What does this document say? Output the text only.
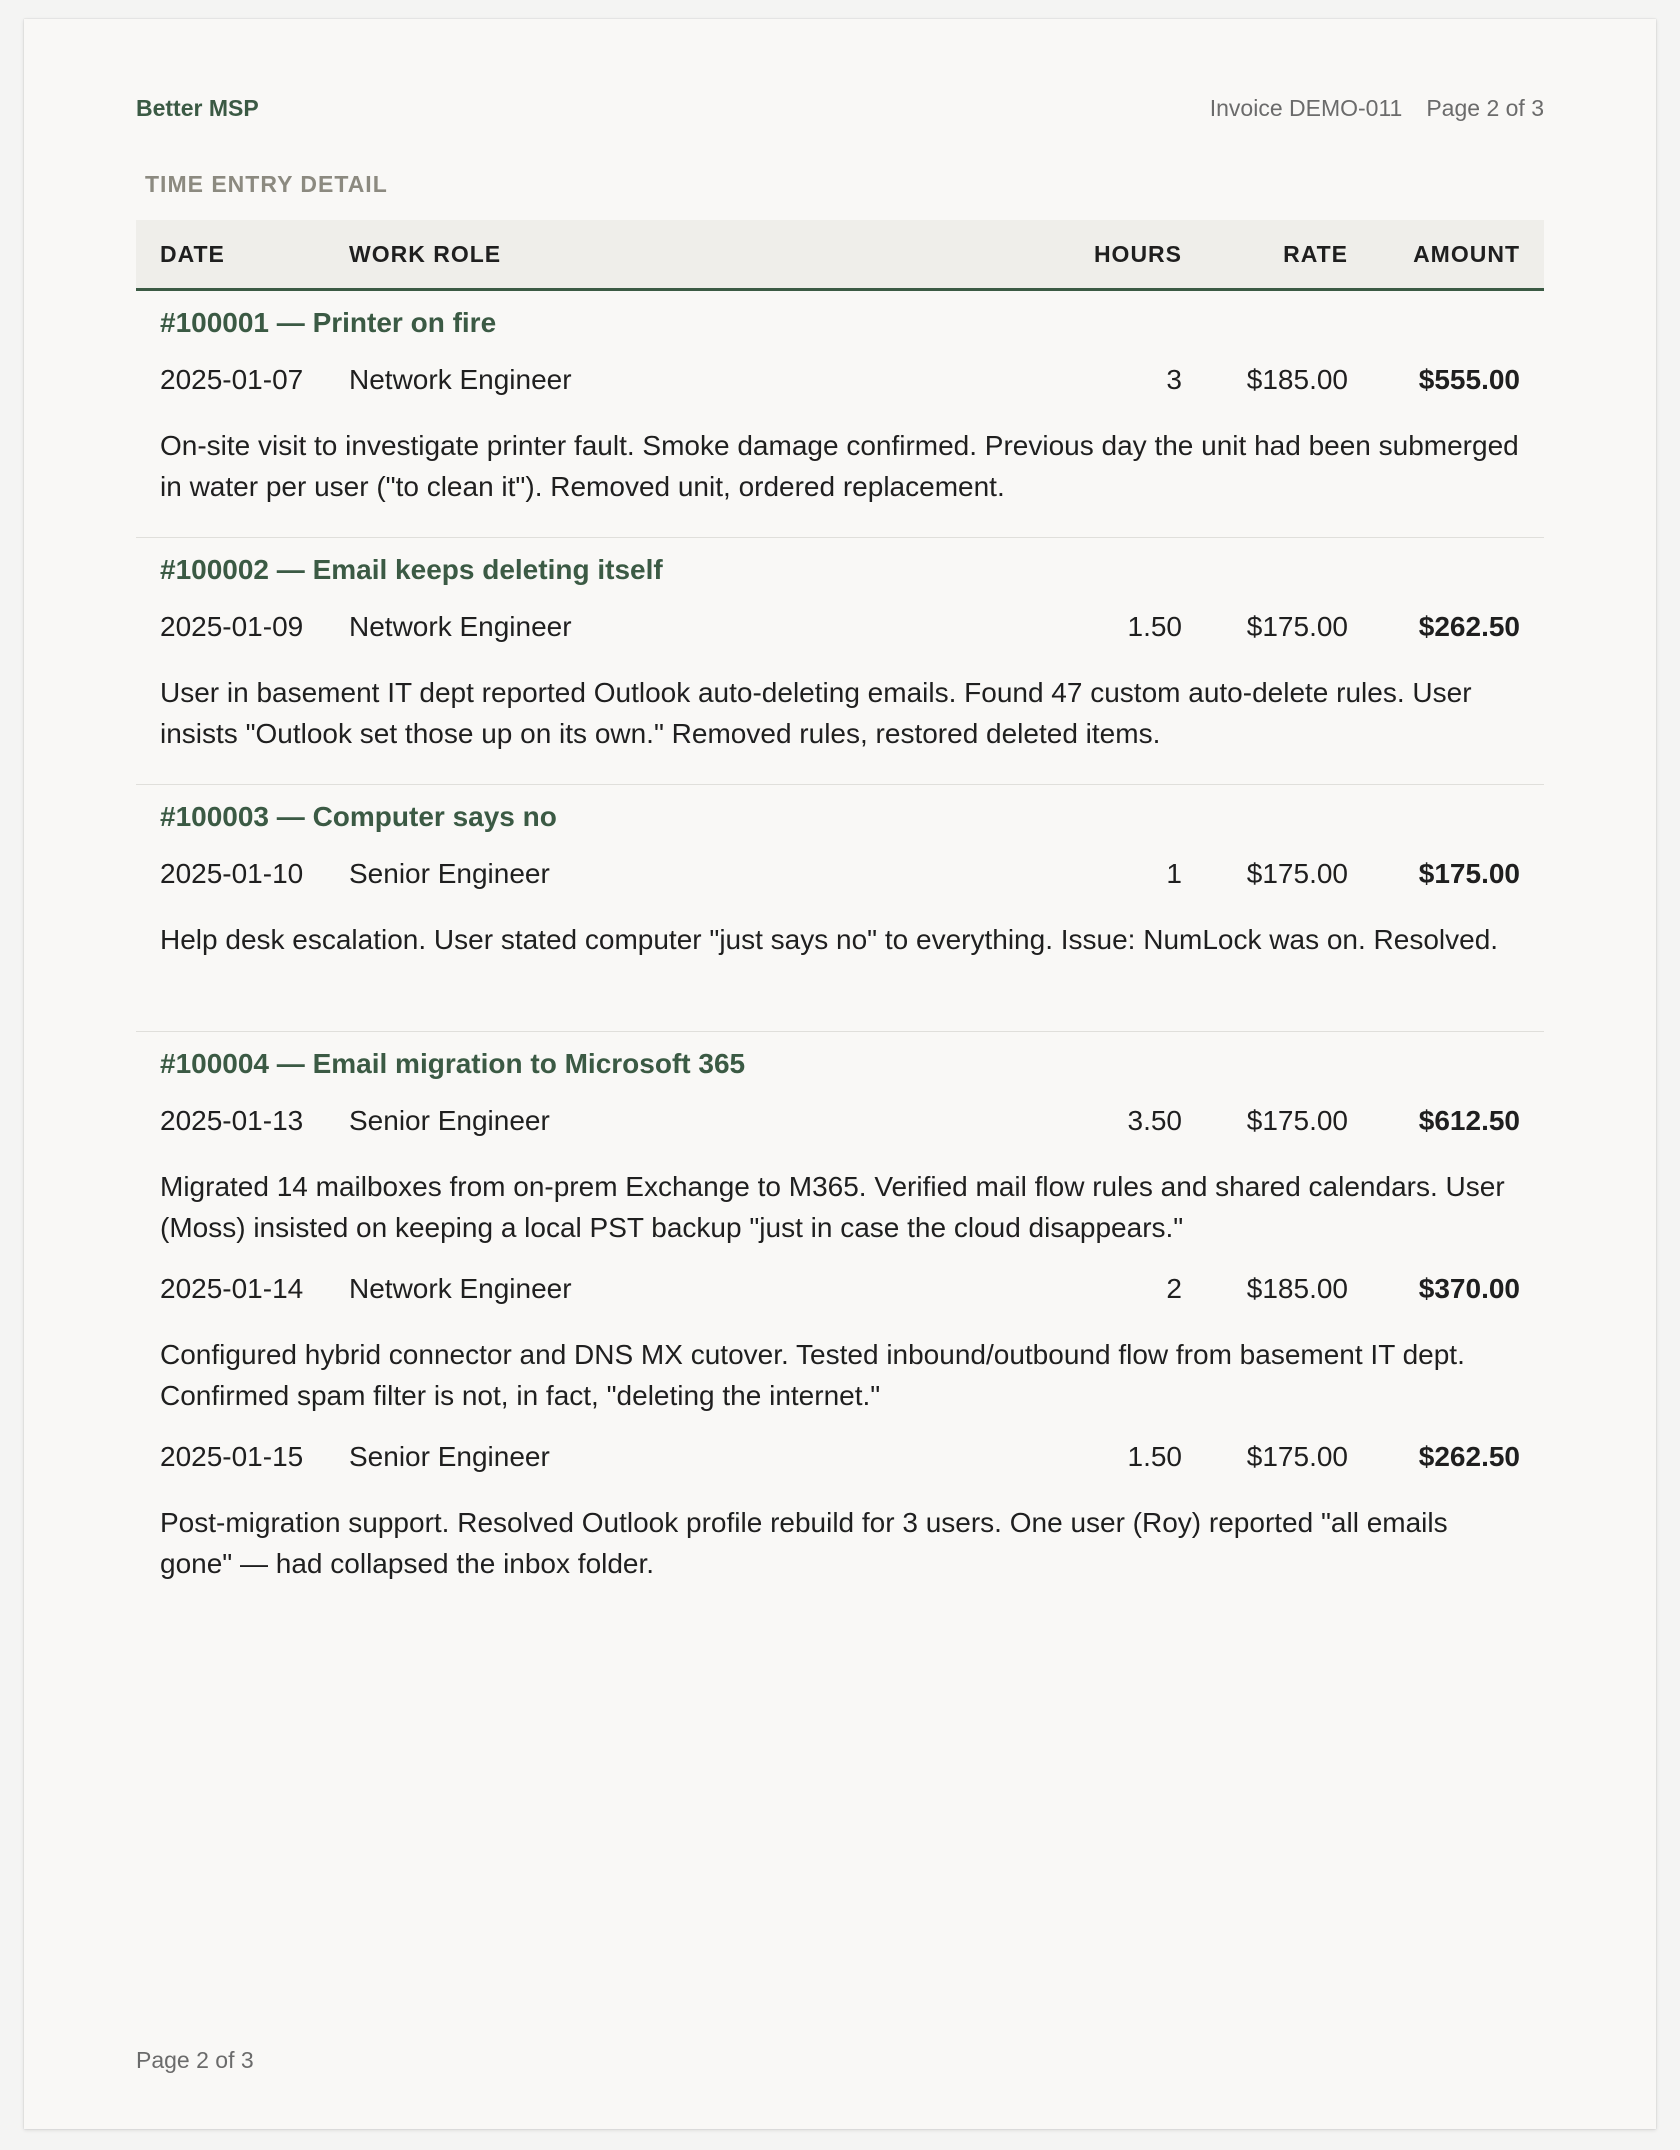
Better MSP	Invoice DEMO-011 Page 2 of 3
TIME ENTRY DETAIL
DATE	WORK ROLE	HOURS	RATE	AMOUNT
#100001 — Printer on fire
2025-01-07	Network Engineer	3	$185.00	$555.00
On-site visit to investigate printer fault. Smoke damage confirmed. Previous day the unit had been submerged in water per user ("to clean it"). Removed unit, ordered replacement.
#100002 — Email keeps deleting itself
2025-01-09	Network Engineer	1.50	$175.00	$262.50
User in basement IT dept reported Outlook auto-deleting emails. Found 47 custom auto-delete rules. User insists "Outlook set those up on its own." Removed rules, restored deleted items.
#100003 — Computer says no
2025-01-10	Senior Engineer	1	$175.00	$175.00
Help desk escalation. User stated computer "just says no" to everything. Issue: NumLock was on. Resolved.
#100004 — Email migration to Microsoft 365
2025-01-13	Senior Engineer	3.50	$175.00	$612.50
Migrated 14 mailboxes from on-prem Exchange to M365. Verified mail flow rules and shared calendars. User (Moss) insisted on keeping a local PST backup "just in case the cloud disappears."
2025-01-14	Network Engineer	2	$185.00	$370.00
Configured hybrid connector and DNS MX cutover. Tested inbound/outbound flow from basement IT dept. Confirmed spam filter is not, in fact, "deleting the internet."
2025-01-15	Senior Engineer	1.50	$175.00	$262.50
Post-migration support. Resolved Outlook profile rebuild for 3 users. One user (Roy) reported "all emails gone" — had collapsed the inbox folder.
Page 2 of 3
